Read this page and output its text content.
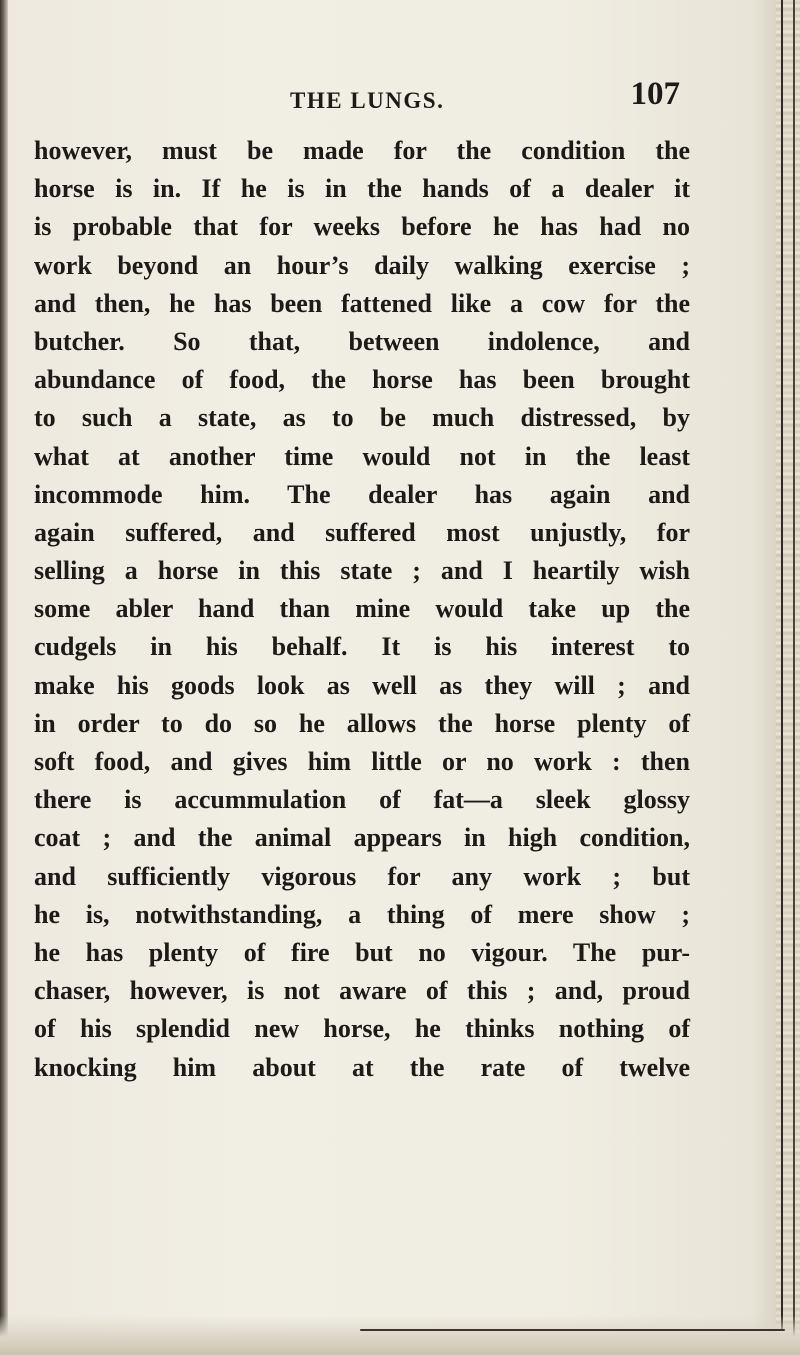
THE LUNGS.	107
however, must be made for the condition the
horse is in. If he is in the hands of a dealer it
is probable that for weeks before he has had no
work beyond an hour’s daily walking exercise ;
and then, he has been fattened like a cow for the
butcher. So that, between indolence, and
abundance of food, the horse has been brought
to such a state, as to be much distressed, by
what at another time would not in the least
incommode him. The dealer has again and
again suffered, and suffered most unjustly, for
selling a horse in this state ; and I heartily wish
some abler hand than mine would take up the
cudgels in his behalf. It is his interest to
make his goods look as well as they will ; and
in order to do so he allows the horse plenty of
soft food, and gives him little or no work : then
there is accummulation of fat—a sleek glossy
coat ; and the animal appears in high condition,
and sufficiently vigorous for any work ; but
he is, notwithstanding, a thing of mere show ;
he has plenty of fire but no vigour. The pur-
chaser, however, is not aware of this ; and, proud
of his splendid new horse, he thinks nothing of
knocking him about at the rate of twelve
